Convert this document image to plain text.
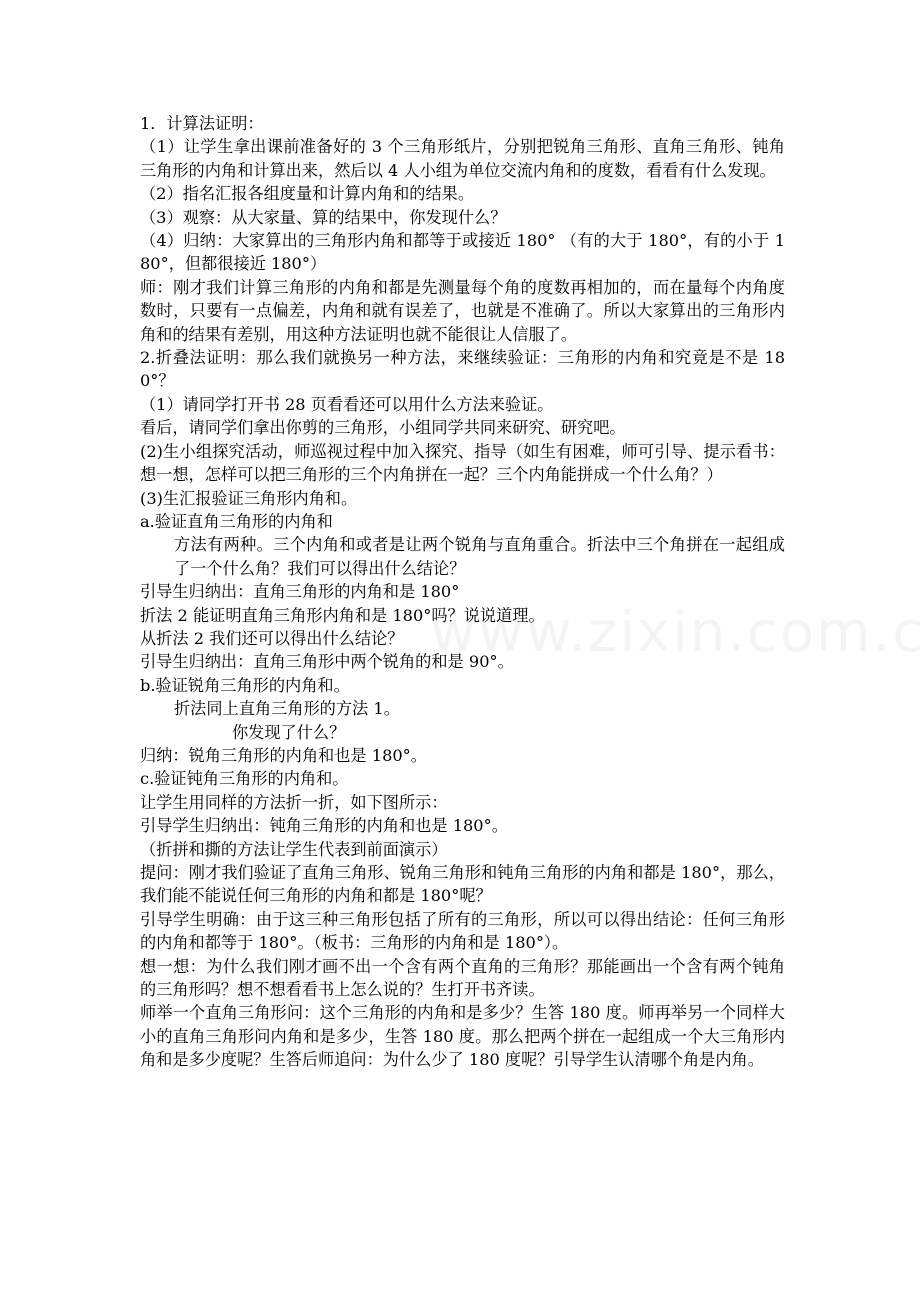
1．计算法证明：

（1）让学生拿出课前准备好的 3 个三角形纸片，分别把锐角三角形、直角三角形、钝角三角形的内角和计算出来，然后以 4 人小组为单位交流内角和的度数，看看有什么发现。

（2）指名汇报各组度量和计算内角和的结果。

（3）观察：从大家量、算的结果中，你发现什么？

（4）归纳：大家算出的三角形内角和都等于或接近 180° （有的大于 180°，有的小于 180°，但都很接近 180°）

师：刚才我们计算三角形的内角和都是先测量每个角的度数再相加的，而在量每个内角度数时，只要有一点偏差，内角和就有误差了，也就是不准确了。所以大家算出的三角形内角和的结果有差别，用这种方法证明也就不能很让人信服了。

2.折叠法证明：那么我们就换另一种方法，来继续验证：三角形的内角和究竟是不是 180°？

（1）请同学打开书 28 页看看还可以用什么方法来验证。

看后，请同学们拿出你剪的三角形，小组同学共同来研究、研究吧。

(2)生小组探究活动，师巡视过程中加入探究、指导（如生有困难，师可引导、提示看书：想一想，怎样可以把三角形的三个内角拼在一起？三个内角能拼成一个什么角？）

(3)生汇报验证三角形内角和。

a.验证直角三角形的内角和

方法有两种。三个内角和或者是让两个锐角与直角重合。折法中三个角拼在一起组成了一个什么角？我们可以得出什么结论？

引导生归纳出：直角三角形的内角和是 180°

折法 2 能证明直角三角形内角和是 180°吗？说说道理。

从折法 2 我们还可以得出什么结论？

引导生归纳出：直角三角形中两个锐角的和是 90°。

b.验证锐角三角形的内角和。

折法同上直角三角形的方法 1。

你发现了什么？

归纳：锐角三角形的内角和也是 180°。

c.验证钝角三角形的内角和。

让学生用同样的方法折一折，如下图所示：

引导学生归纳出：钝角三角形的内角和也是 180°。

（折拼和撕的方法让学生代表到前面演示）

提问：刚才我们验证了直角三角形、锐角三角形和钝角三角形的内角和都是 180°，那么，我们能不能说任何三角形的内角和都是 180°呢？

引导学生明确：由于这三种三角形包括了所有的三角形，所以可以得出结论：任何三角形的内角和都等于 180°。（板书：三角形的内角和是 180°）。

想一想：为什么我们刚才画不出一个含有两个直角的三角形？那能画出一个含有两个钝角的三角形吗？想不想看看书上怎么说的？生打开书齐读。

师举一个直角三角形问：这个三角形的内角和是多少？生答 180 度。师再举另一个同样大小的直角三角形问内角和是多少，生答 180 度。那么把两个拼在一起组成一个大三角形内角和是多少度呢？生答后师追问：为什么少了 180 度呢？引导学生认清哪个角是内角。
